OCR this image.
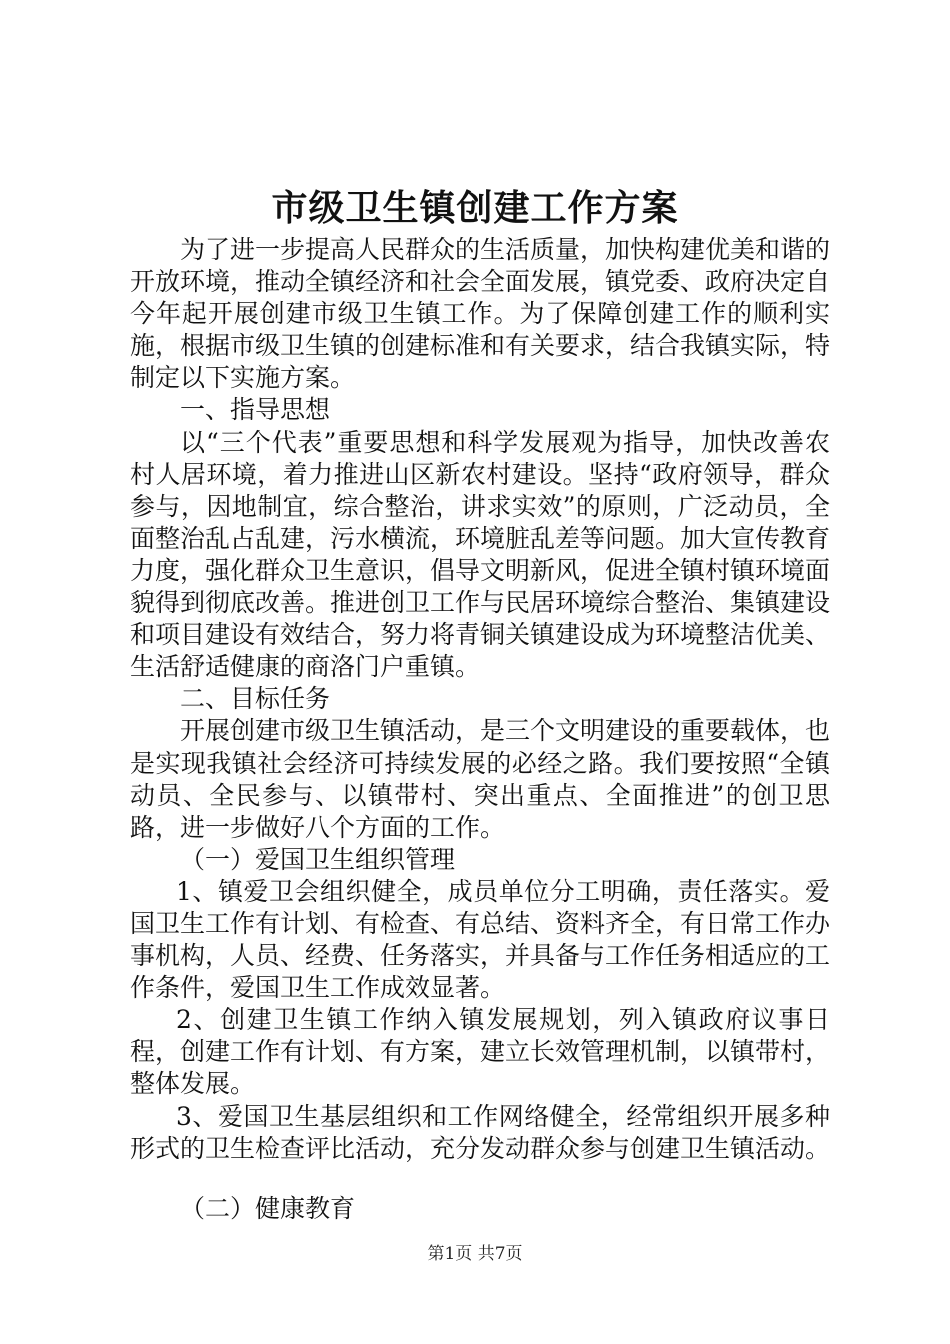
市级卫生镇创建工作方案

为了进一步提高人民群众的生活质量，加快构建优美和谐的开放环境，推动全镇经济和社会全面发展，镇党委、政府决定自今年起开展创建市级卫生镇工作。为了保障创建工作的顺利实施，根据市级卫生镇的创建标准和有关要求，结合我镇实际，特制定以下实施方案。

一、指导思想

以“三个代表”重要思想和科学发展观为指导，加快改善农村人居环境，着力推进山区新农村建设。坚持“政府领导，群众参与，因地制宜，综合整治，讲求实效”的原则，广泛动员，全面整治乱占乱建，污水横流，环境脏乱差等问题。加大宣传教育力度，强化群众卫生意识，倡导文明新风，促进全镇村镇环境面貌得到彻底改善。推进创卫工作与民居环境综合整治、集镇建设和项目建设有效结合，努力将青铜关镇建设成为环境整洁优美、生活舒适健康的商洛门户重镇。

二、目标任务

开展创建市级卫生镇活动，是三个文明建设的重要载体，也是实现我镇社会经济可持续发展的必经之路。我们要按照“全镇动员、全民参与、以镇带村、突出重点、全面推进”的创卫思路，进一步做好八个方面的工作。

（一）爱国卫生组织管理

1、镇爱卫会组织健全，成员单位分工明确，责任落实。爱国卫生工作有计划、有检查、有总结、资料齐全，有日常工作办事机构，人员、经费、任务落实，并具备与工作任务相适应的工作条件，爱国卫生工作成效显著。

2、创建卫生镇工作纳入镇发展规划，列入镇政府议事日程，创建工作有计划、有方案，建立长效管理机制，以镇带村，整体发展。

3、爱国卫生基层组织和工作网络健全，经常组织开展多种形式的卫生检查评比活动，充分发动群众参与创建卫生镇活动。

（二）健康教育

第1页 共7页
